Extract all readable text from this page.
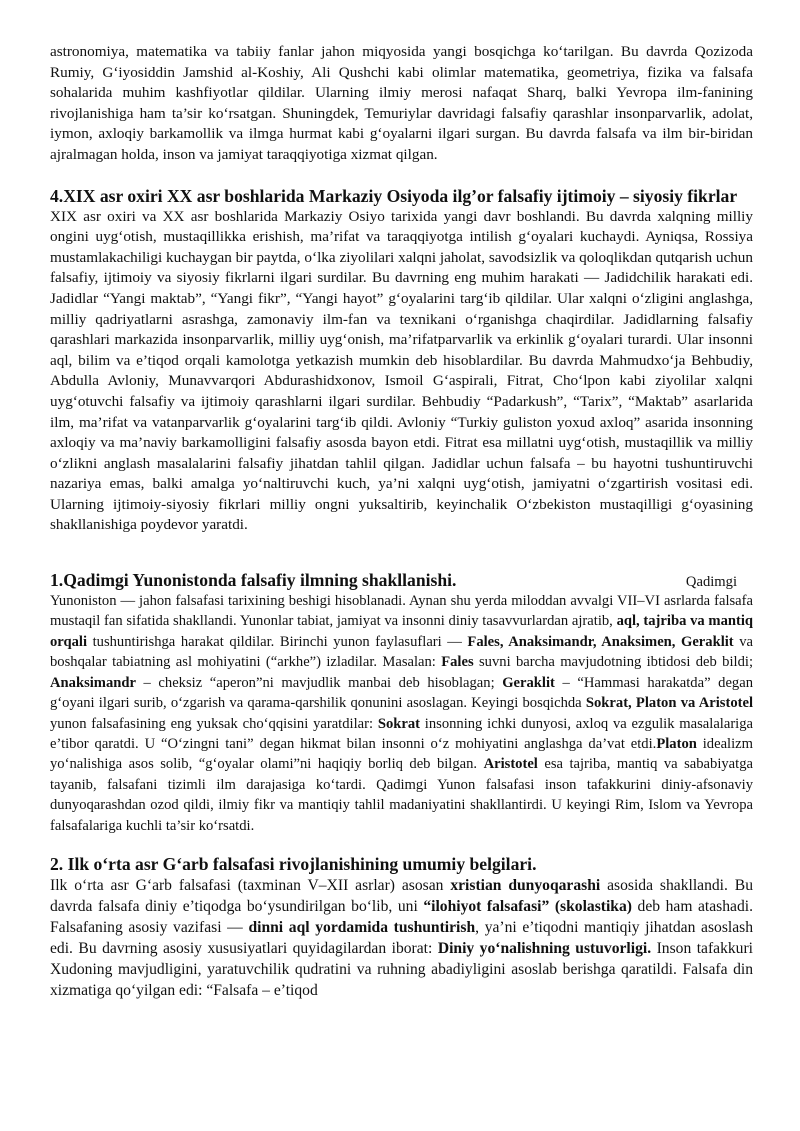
astronomiya, matematika va tabiiy fanlar jahon miqyosida yangi bosqichga ko‘tarilgan. Bu davrda Qozizoda Rumiy, G‘iyosiddin Jamshid al-Koshiy, Ali Qushchi kabi olimlar matematika, geometriya, fizika va falsafa sohalarida muhim kashfiyotlar qildilar. Ularning ilmiy merosi nafaqat Sharq, balki Yevropa ilm-fanining rivojlanishiga ham ta’sir ko‘rsatgan. Shuningdek, Temuriylar davridagi falsafiy qarashlar insonparvarlik, adolat, iymon, axloqiy barkamollik va ilmga hurmat kabi g‘oyalarni ilgari surgan. Bu davrda falsafa va ilm bir-biridan ajralmagan holda, inson va jamiyat taraqqiyotiga xizmat qilgan.

4.XIX asr oxiri XX asr boshlarida Markaziy Osiyoda ilg’or falsafiy ijtimoiy – siyosiy fikrlar

XIX asr oxiri va XX asr boshlarida Markaziy Osiyo tarixida yangi davr boshlandi. Bu davrda xalqning milliy ongini uyg‘otish, mustaqillikka erishish, ma’rifat va taraqqiyotga intilish g‘oyalari kuchaydi. Ayniqsa, Rossiya mustamlakachiligi kuchaygan bir paytda, o‘lka ziyolilari xalqni jaholat, savodsizlik va qoloqlikdan qutqarish uchun falsafiy, ijtimoiy va siyosiy fikrlarni ilgari surdilar. Bu davrning eng muhim harakati — Jadidchilik harakati edi. Jadidlar “Yangi maktab”, “Yangi fikr”, “Yangi hayot” g‘oyalarini targ‘ib qildilar. Ular xalqni o‘zligini anglashga, milliy qadriyatlarni asrashga, zamonaviy ilm-fan va texnikani o‘rganishga chaqirdilar. Jadidlarning falsafiy qarashlari markazida insonparvarlik, milliy uyg‘onish, ma’rifatparvarlik va erkinlik g‘oyalari turardi. Ular insonni aql, bilim va e’tiqod orqali kamolotga yetkazish mumkin deb hisoblardilar. Bu davrda Mahmudxo‘ja Behbudiy, Abdulla Avloniy, Munavvarqori Abdurashidxonov, Ismoil G‘aspirali, Fitrat, Cho‘lpon kabi ziyolilar xalqni uyg‘otuvchi falsafiy va ijtimoiy qarashlarni ilgari surdilar. Behbudiy “Padarkush”, “Tarix”, “Maktab” asarlarida ilm, ma’rifat va vatanparvarlik g‘oyalarini targ‘ib qildi. Avloniy “Turkiy guliston yoxud axloq” asarida insonning axloqiy va ma’naviy barkamolligini falsafiy asosda bayon etdi. Fitrat esa millatni uyg‘otish, mustaqillik va milliy o‘zlikni anglash masalalarini falsafiy jihatdan tahlil qilgan. Jadidlar uchun falsafa – bu hayotni tushuntiruvchi nazariya emas, balki amalga yo‘naltiruvchi kuch, ya’ni xalqni uyg‘otish, jamiyatni o‘zgartirish vositasi edi. Ularning ijtimoiy-siyosiy fikrlari milliy ongni yuksaltirib, keyinchalik O‘zbekiston mustaqilligi g‘oyasining shakllanishiga poydevor yaratdi.

1.Qadimgi Yunonistonda falsafiy ilmning shakllanishi.	Qadimgi

Yunoniston — jahon falsafasi tarixining beshigi hisoblanadi. Aynan shu yerda miloddan avvalgi VII–VI asrlarda falsafa mustaqil fan sifatida shakllandi. Yunonlar tabiat, jamiyat va insonni diniy tasavvurlardan ajratib, aql, tajriba va mantiq orqali tushuntirishga harakat qildilar. Birinchi yunon faylasuflari — Fales, Anaksimandr, Anaksimen, Geraklit va boshqalar tabiatning asl mohiyatini (“arkhe”) izladilar. Masalan: Fales suvni barcha mavjudotning ibtidosi deb bildi; Anaksimandr – cheksiz “aperon”ni mavjudlik manbai deb hisoblagan; Geraklit – “Hammasi harakatda” degan g‘oyani ilgari surib, o‘zgarish va qarama-qarshilik qonunini asoslagan. Keyingi bosqichda Sokrat, Platon va Aristotel yunon falsafasining eng yuksak cho‘qqisini yaratdilar: Sokrat insonning ichki dunyosi, axloq va ezgulik masalalariga e’tibor qaratdi. U “O‘zingni tani” degan hikmat bilan insonni o‘z mohiyatini anglashga da’vat etdi.Platon idealizm yo‘nalishiga asos solib, “g‘oyalar olami”ni haqiqiy borliq deb bilgan. Aristotel esa tajriba, mantiq va sababiyatga tayanib, falsafani tizimli ilm darajasiga ko‘tardi. Qadimgi Yunon falsafasi inson tafakkurini diniy-afsonaviy dunyoqarashdan ozod qildi, ilmiy fikr va mantiqiy tahlil madaniyatini shakllantirdi. U keyingi Rim, Islom va Yevropa falsafalariga kuchli ta’sir ko‘rsatdi.

2. Ilk o‘rta asr G‘arb falsafasi rivojlanishining umumiy belgilari.

Ilk o‘rta asr G‘arb falsafasi (taxminan V–XII asrlar) asosan xristian dunyoqarashi asosida shakllandi. Bu davrda falsafa diniy e’tiqodga bo‘ysundirilgan bo‘lib, uni “ilohiyot falsafasi” (skolastika) deb ham atashadi. Falsafaning asosiy vazifasi — dinni aql yordamida tushuntirish, ya’ni e’tiqodni mantiqiy jihatdan asoslash edi. Bu davrning asosiy xususiyatlari quyidagilardan iborat: Diniy yo‘nalishning ustuvorligi. Inson tafakkuri Xudoning mavjudligini, yaratuvchilik qudratini va ruhning abadiyligini asoslab berishga qaratildi. Falsafa din xizmatiga qo‘yilgan edi: “Falsafa – e’tiqod
